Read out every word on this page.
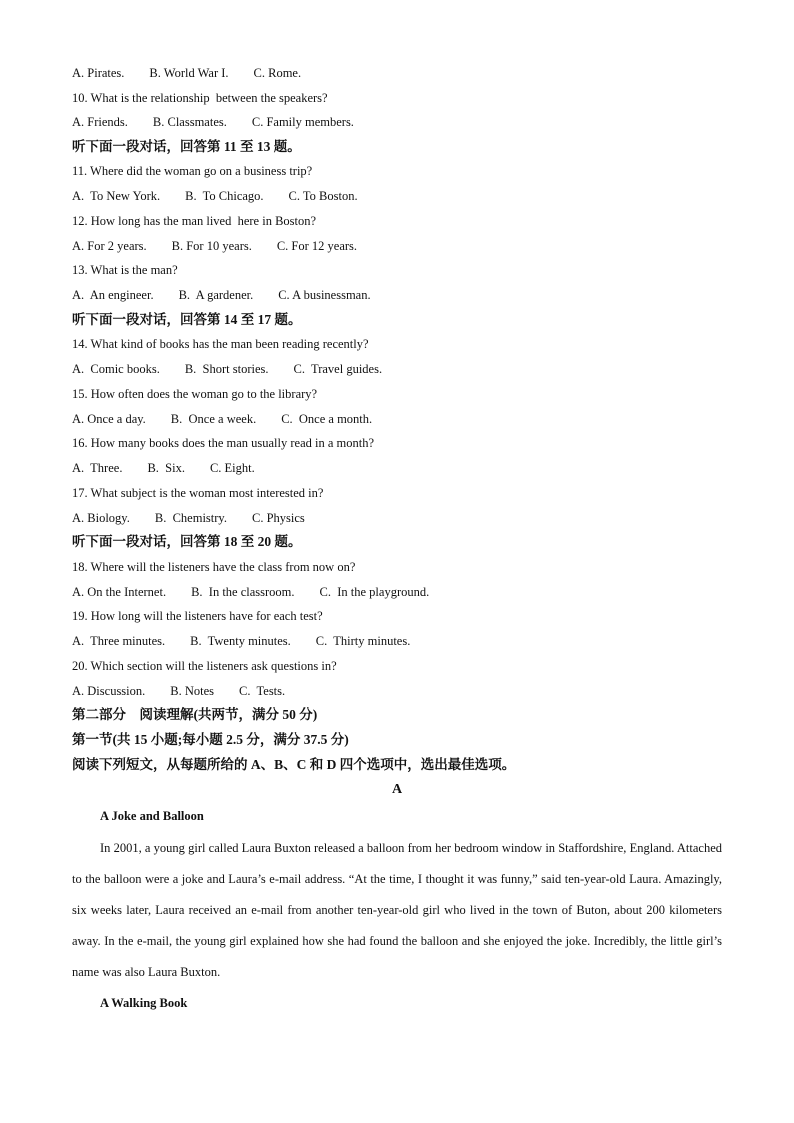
A. Pirates.        B. World War I.        C. Rome.
10. What is the relationship  between the speakers?
A. Friends.        B. Classmates.        C. Family members.
听下面一段对话，回答第 11 至 13 题。
11. Where did the woman go on a business trip?
A.  To New York.        B.  To Chicago.        C. To Boston.
12. How long has the man lived  here in Boston?
A. For 2 years.        B. For 10 years.        C. For 12 years.
13. What is the man?
A.  An engineer.        B.  A gardener.        C. A businessman.
听下面一段对话，回答第 14 至 17 题。
14. What kind of books has the man been reading recently?
A.  Comic books.        B.  Short stories.        C.  Travel guides.
15. How often does the woman go to the library?
A. Once a day.        B.  Once a week.        C.  Once a month.
16. How many books does the man usually read in a month?
A.  Three.        B.  Six.        C. Eight.
17. What subject is the woman most interested in?
A. Biology.        B.  Chemistry.        C. Physics
听下面一段对话，回答第 18 至 20 题。
18. Where will the listeners have the class from now on?
A. On the Internet.        B.  In the classroom.        C.  In the playground.
19. How long will the listeners have for each test?
A.  Three minutes.        B.  Twenty minutes.        C.  Thirty minutes.
20. Which section will the listeners ask questions in?
A. Discussion.        B. Notes        C.  Tests.
第二部分    阅读理解(共两节，满分 50 分)
第一节(共 15 小题;每小题 2.5 分，满分 37.5 分)
阅读下列短文，从每题所给的 A、B、C 和 D 四个选项中，选出最佳选项。
A
A Joke and Balloon
In 2001, a young girl called Laura Buxton released a balloon from her bedroom window in Staffordshire, England. Attached to the balloon were a joke and Laura’s e-mail address. “At the time, I thought it was funny,” said ten-year-old Laura. Amazingly, six weeks later, Laura received an e-mail from another ten-year-old girl who lived in the town of Buton, about 200 kilometers away. In the e-mail, the young girl explained how she had found the balloon and she enjoyed the joke. Incredibly, the little girl’s name was also Laura Buxton.
A Walking Book
